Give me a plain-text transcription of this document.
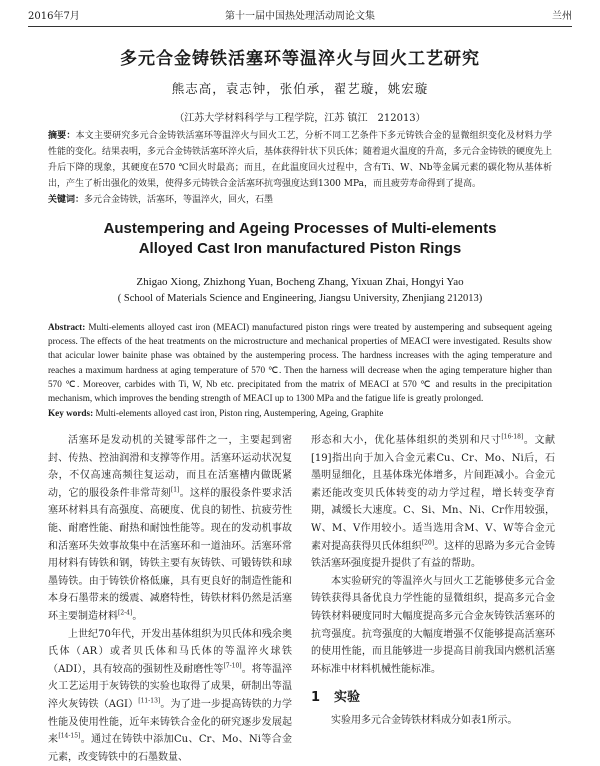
2016年7月	第十一届中国热处理活动周论文集	兰州
多元合金铸铁活塞环等温淬火与回火工艺研究
熊志高，袁志钟，张伯承，翟艺璇，姚宏璇
（江苏大学材料科学与工程学院，江苏 镇江　212013）
摘要：本文主要研究多元合金铸铁活塞环等温淬火与回火工艺，分析不同工艺条件下多元铸铁合金的显微组织变化及材料力学性能的变化。结果表明，多元合金铸铁活塞环淬火后，基体获得针状下贝氏体；随着退火温度的升高，多元合金铸铁的硬度先上升后下降的现象，其硬度在570 ℃回火时最高；而且，在此温度回火过程中，含有Ti、W、Nb等金属元素的碳化物从基体析出，产生了析出强化的效果，使得多元铸铁合金活塞环抗弯强度达到1300 MPa，而且疲劳寿命得到了提高。
关键词：多元合金铸铁，活塞环，等温淬火，回火，石墨
Austempering and Ageing Processes of Multi-elements
Alloyed Cast Iron manufactured Piston Rings
Zhigao Xiong, Zhizhong Yuan, Bocheng Zhang, Yixuan Zhai, Hongyi Yao
( School of Materials Science and Engineering, Jiangsu University, Zhenjiang 212013)
Abstract: Multi-elements alloyed cast iron (MEACI) manufactured piston rings were treated by austempering and subsequent ageing process. The effects of the heat treatments on the microstructure and mechanical properties of MEACI were investigated. Results show that acicular lower bainite phase was obtained by the austempering process. The hardness increases with the aging temperature and reaches a maximum hardness at aging temperature of 570 ℃. Then the harness will decrease when the aging temperature higher than 570 ℃. Moreover, carbides with Ti, W, Nb etc. precipitated from the matrix of MEACI at 570 ℃ and results in the precipitation mechanism, which improves the bending strength of MEACI up to 1300 MPa and the fatigue life is greatly prolonged.
Key words: Multi-elements alloyed cast iron, Piston ring, Austempering, Ageing, Graphite

活塞环是发动机的关键零部件之一，主要起到密封、传热、控油润滑和支撑等作用。活塞环运动状况复杂，不仅高速高频往复运动，而且在活塞槽内做既紧动，它的服役条件非常苛刻[1]。这样的服役条件要求活塞环材料具有高强度、高硬度、优良的韧性、抗疲劳性能、耐磨性能、耐热和耐蚀性能等。现在的发动机事故和活塞环失效事故集中在活塞环和一道油环。活塞环常用材料有铸铁和钢，铸铁主要有灰铸铁、可锻铸铁和球墨铸铁。由于铸铁价格低廉，具有更良好的制造性能和本身石墨带来的缓震、减磨特性，铸铁材料仍然是活塞环主要制造材料[2-4]。

上世纪70年代，开发出基体组织为贝氏体和残余奥氏体（AR）或者贝氏体和马氏体的等温淬火球铁（ADI），具有较高的强韧性及耐磨性等[7-10]。将等温淬火工艺运用于灰铸铁的实验也取得了成果，研制出等温淬火灰铸铁（AGI）[11-13]。为了进一步提高铸铁的力学性能及使用性能，近年来铸铁合金化的研究逐步发展起来[14-15]。通过在铸铁中添加Cu、Cr、Mo、Ni等合金元素，改变铸铁中的石墨数量、

形态和大小，优化基体组织的类别和尺寸[16-18]。文献[19]指出向于加入合金元素Cu、Cr、Mo、Ni后，石墨明显细化，且基体珠光体增多，片间距减小。合金元素还能改变贝氏体转变的动力学过程，增长转变孕育期，减缓长大速度。C、Si、Mn、Ni、Cr作用较强，W、M、V作用较小。适当选用含M、V、W等合金元素对提高获得贝氏体组织[20]。这样的思路为多元合金铸铁活塞环强度提升提供了有益的帮助。

本实验研究的等温淬火与回火工艺能够使多元合金铸铁获得具备优良力学性能的显微组织，提高多元合金铸铁材料硬度同时大幅度提高多元合金灰铸铁活塞环的抗弯强度。抗弯强度的大幅度增强不仅能够提高活塞环的使用性能，而且能够进一步提高目前我国内燃机活塞环标准中材料机械性能标准。

1 实验

实验用多元合金铸铁材料成分如表1所示。
